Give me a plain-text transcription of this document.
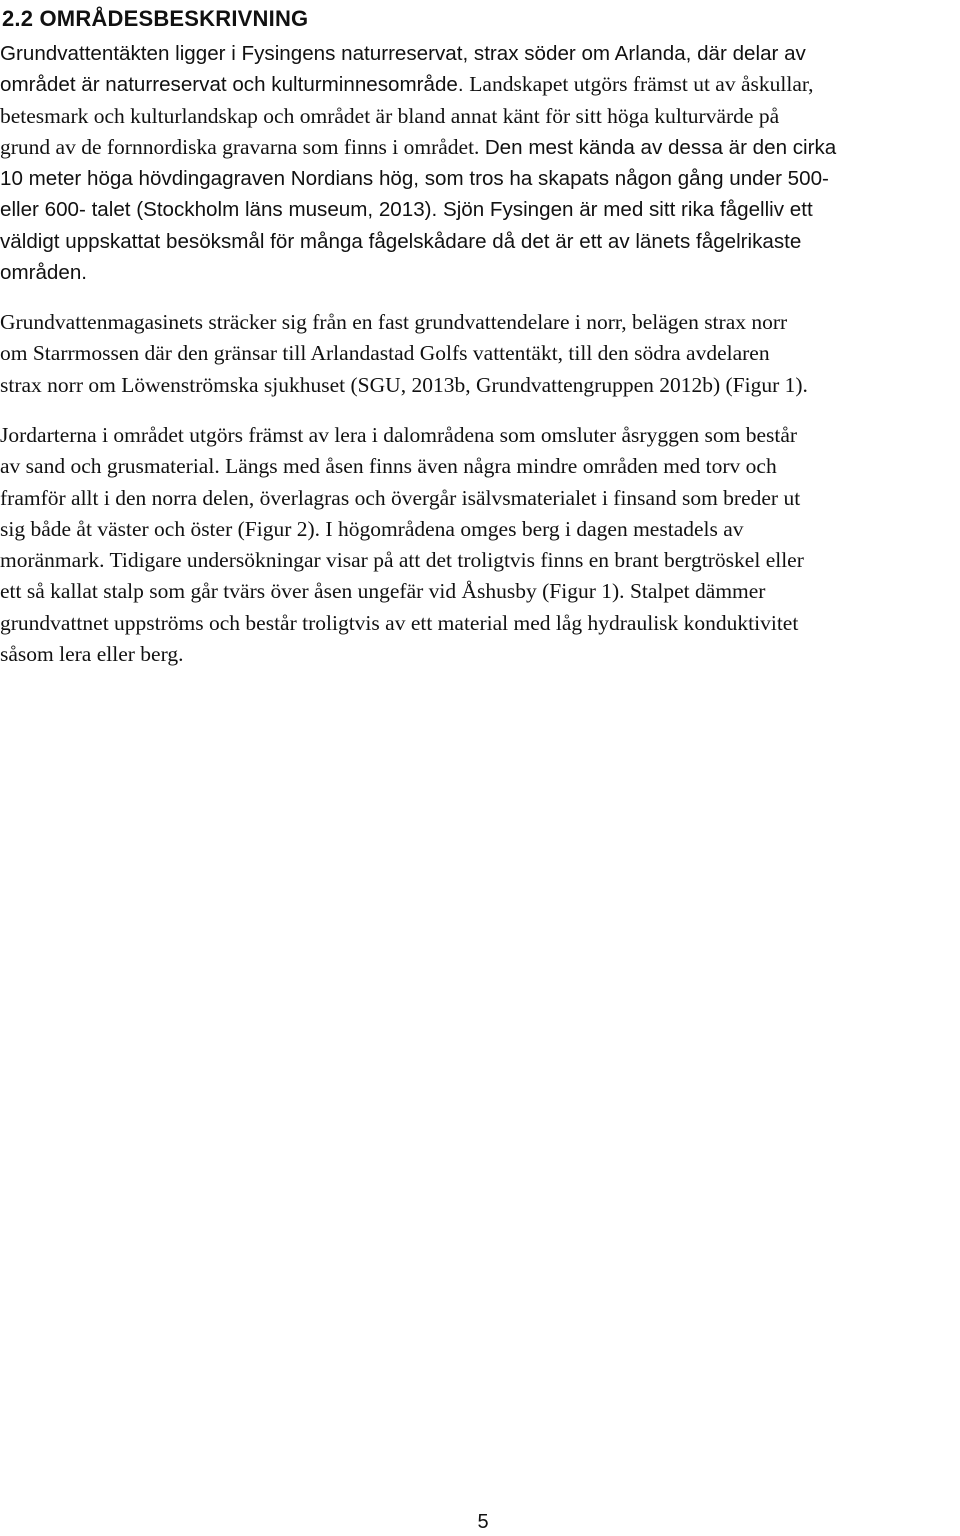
2.2 OMRÅDESBESKRIVNING

Grundvattentäkten ligger i Fysingens naturreservat, strax söder om Arlanda, där delar av
området är naturreservat och kulturminnesområde. Landskapet utgörs främst ut av åskullar,
betesmark och kulturlandskap och området är bland annat känt för sitt höga kulturvärde på
grund av de fornnordiska gravarna som finns i området. Den mest kända av dessa är den cirka
10 meter höga hövdingagraven Nordians hög, som tros ha skapats någon gång under 500-
eller 600- talet (Stockholm läns museum, 2013). Sjön Fysingen är med sitt rika fågelliv ett
väldigt uppskattat besöksmål för många fågelskådare då det är ett av länets fågelrikaste
områden.

Grundvattenmagasinets sträcker sig från en fast grundvattendelare i norr, belägen strax norr
om Starrmossen där den gränsar till Arlandastad Golfs vattentäkt, till den södra avdelaren
strax norr om Löwenströmska sjukhuset (SGU, 2013b, Grundvattengruppen 2012b) (Figur 1).

Jordarterna i området utgörs främst av lera i dalområdena som omsluter åsryggen som består
av sand och grusmaterial. Längs med åsen finns även några mindre områden med torv och
framför allt i den norra delen, överlagras och övergår isälvsmaterialet i finsand som breder ut
sig både åt väster och öster (Figur 2). I högområdena omges berg i dagen mestadels av
moränmark. Tidigare undersökningar visar på att det troligtvis finns en brant bergtröskel eller
ett så kallat stalp som går tvärs över åsen ungefär vid Åshusby (Figur 1). Stalpet dämmer
grundvattnet uppströms och består troligtvis av ett material med låg hydraulisk konduktivitet
såsom lera eller berg.

5
